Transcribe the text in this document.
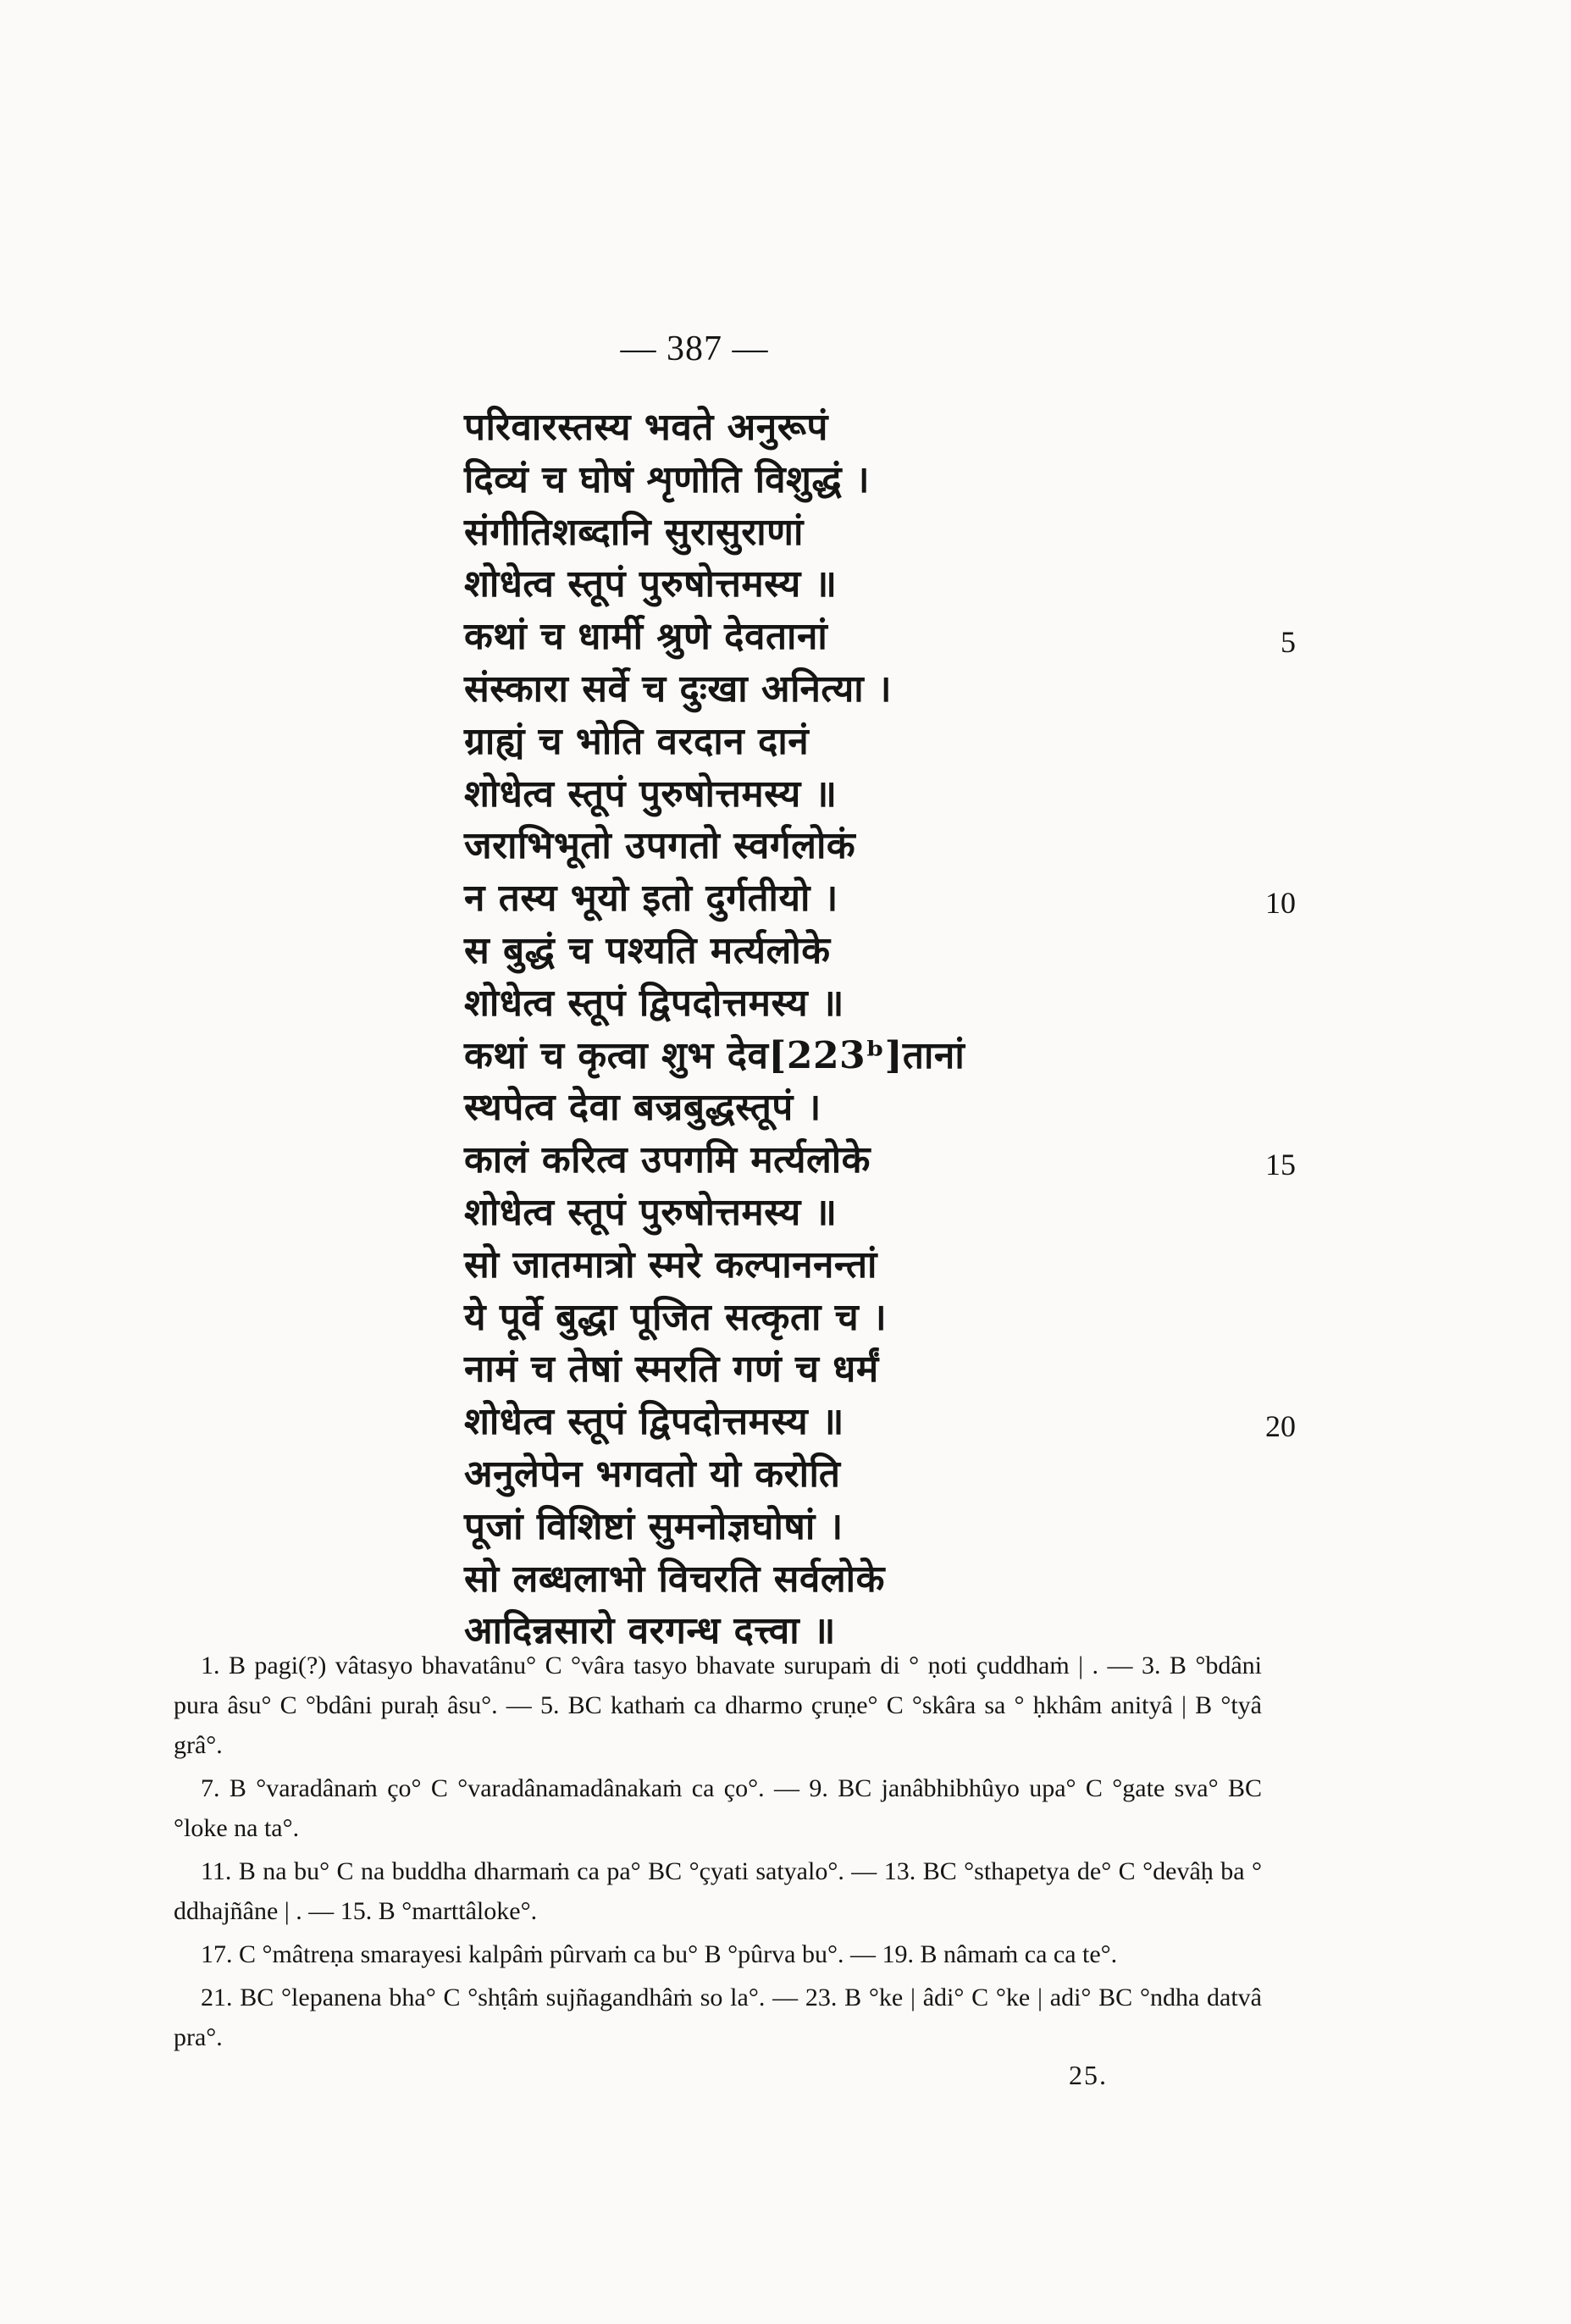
— 387 —
परिवारस्तस्य भवते अनुरूपं
दिव्यं च घोषं शृणोति विशुद्धं ।
संगीतिशब्दानि सुरासुराणां
शोधेत्व स्तूपं पुरुषोत्तमस्य ॥
कथां च धार्मी श्रुणे देवतानां
संस्कारा सर्वे च दुःखा अनित्या ।
ग्राह्यं च भोति वरदान दानं
शोधेत्व स्तूपं पुरुषोत्तमस्य ॥
जराभिभूतो उपगतो स्वर्गलोकं
न तस्य भूयो इतो दुर्गतीयो ।
स बुद्धं च पश्यति मर्त्यलोके
शोधेत्व स्तूपं द्विपदोत्तमस्य ॥
कथां च कृत्वा शुभ देव[223ᵇ]तानां
स्थपेत्व देवा बज्रबुद्धस्तूपं ।
कालं करित्व उपगमि मर्त्यलोके
शोधेत्व स्तूपं पुरुषोत्तमस्य ॥
सो जातमात्रो स्मरे कल्पाननन्तां
ये पूर्वे बुद्धा पूजित सत्कृता च ।
नामं च तेषां स्मरति गणं च धर्मं
शोधेत्व स्तूपं द्विपदोत्तमस्य ॥
अनुलेपेन भगवतो यो करोति
पूजां विशिष्टां सुमनोज्ञघोषां ।
सो लब्धलाभो विचरति सर्वलोके
आदिन्नसारो वरगन्ध दत्त्वा ॥
5
10
15
20

1. B pagi(?) vâtasyo bhavatânu° C °vâra tasyo bhavate surupaṁ di ° ṇoti çuddhaṁ | . — 3. B °bdâni pura âsu° C °bdâni puraḥ âsu°. — 5. BC kathaṁ ca dharmo çruṇe° C °skâra sa ° ḥkhâm anityâ | B °tyâ grâ°.

7. B °varadânaṁ ço° C °varadânamadânakaṁ ca ço°. — 9. BC janâbhibhûyo upa° C °gate sva° BC °loke na ta°.

11. B na bu° C na buddha dharmaṁ ca pa° BC °çyati satyalo°. — 13. BC °sthapetya de° C °devâḥ ba ° ddhajñâne | . — 15. B °marttâloke°.

17. C °mâtreṇa smarayesi kalpâṁ pûrvaṁ ca bu° B °pûrva bu°. — 19. B nâmaṁ ca ca te°.

21. BC °lepanena bha° C °shṭâṁ sujñagandhâṁ so la°. — 23. B °ke | âdi° C °ke | adi° BC °ndha datvâ pra°.

25.
